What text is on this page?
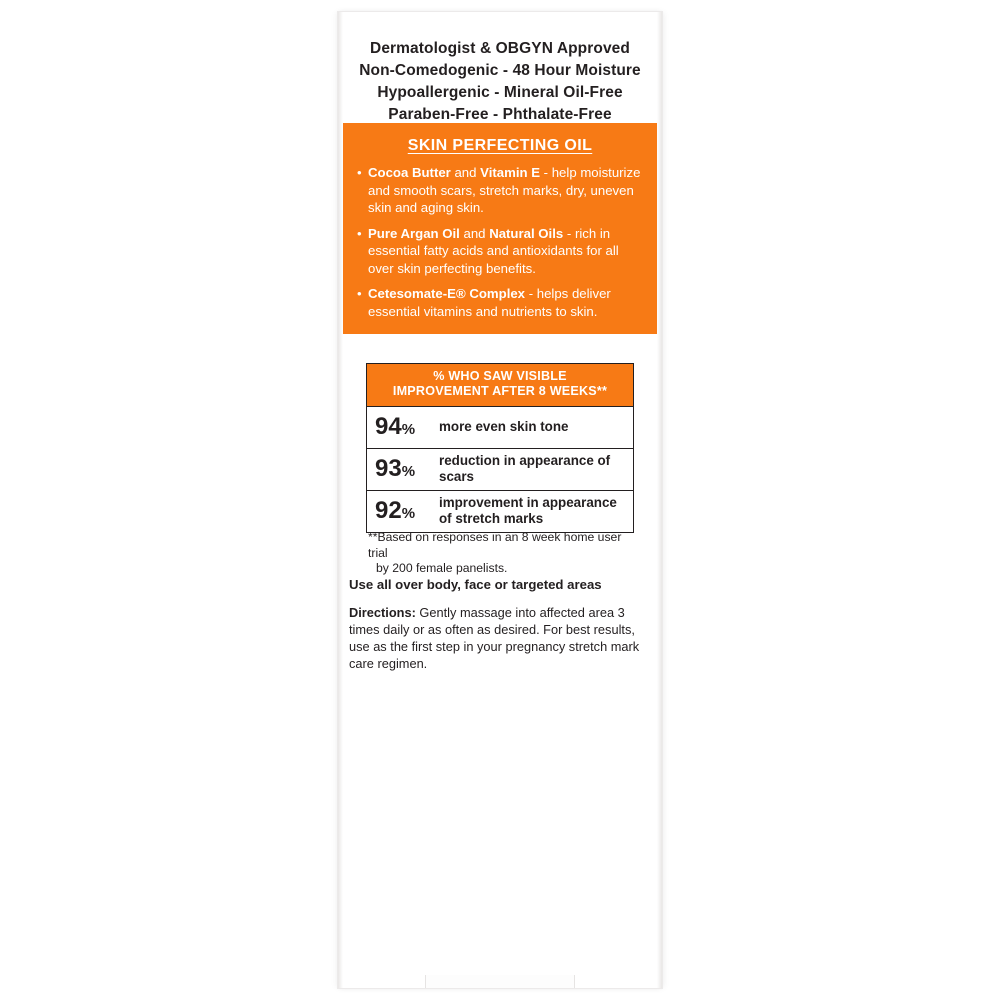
Dermatologist & OBGYN Approved
Non-Comedogenic - 48 Hour Moisture
Hypoallergenic - Mineral Oil-Free
Paraben-Free - Phthalate-Free
SKIN PERFECTING OIL
• Cocoa Butter and Vitamin E - help moisturize and smooth scars, stretch marks, dry, uneven skin and aging skin.
• Pure Argan Oil and Natural Oils - rich in essential fatty acids and antioxidants for all over skin perfecting benefits.
• Cetesomate-E® Complex - helps deliver essential vitamins and nutrients to skin.
% WHO SAW VISIBLE
IMPROVEMENT AFTER 8 WEEKS**
94%	more even skin tone
93%
reduction in appearance of scars
92%
improvement in appearance of stretch marks
**Based on responses in an 8 week home user trial
by 200 female panelists.
Use all over body, face or targeted areas
Directions: Gently massage into affected area 3 times daily or as often as desired. For best results, use as the first step in your pregnancy stretch mark care regimen.
